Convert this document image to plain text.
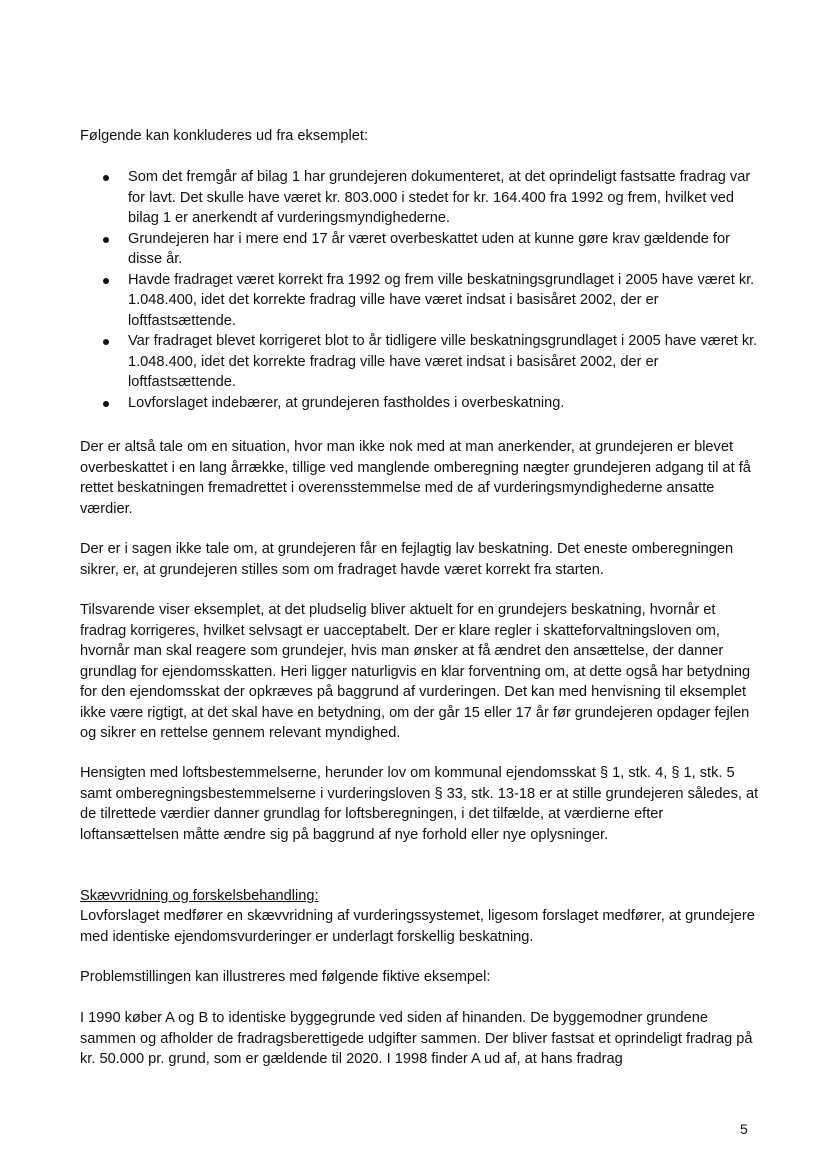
Følgende kan konkluderes ud fra eksemplet:

Som det fremgår af bilag 1 har grundejeren dokumenteret, at det oprindeligt fastsatte fradrag var for lavt. Det skulle have været kr. 803.000 i stedet for kr. 164.400 fra 1992 og frem, hvilket ved bilag 1 er anerkendt af vurderingsmyndighederne.
Grundejeren har i mere end 17 år været overbeskattet uden at kunne gøre krav gældende for disse år.
Havde fradraget været korrekt fra 1992 og frem ville beskatningsgrundlaget i 2005 have været kr. 1.048.400, idet det korrekte fradrag ville have været indsat i basisåret 2002, der er loftfastsættende.
Var fradraget blevet korrigeret blot to år tidligere ville beskatningsgrundlaget i 2005 have været kr. 1.048.400, idet det korrekte fradrag ville have været indsat i basisåret 2002, der er loftfastsættende.
Lovforslaget indebærer, at grundejeren fastholdes i overbeskatning.

Der er altså tale om en situation, hvor man ikke nok med at man anerkender, at grundejeren er blevet overbeskattet i en lang årrække, tillige ved manglende omberegning nægter grundejeren adgang til at få rettet beskatningen fremadrettet i overensstemmelse med de af vurderingsmyndighederne ansatte værdier.

Der er i sagen ikke tale om, at grundejeren får en fejlagtig lav beskatning. Det eneste omberegningen sikrer, er, at grundejeren stilles som om fradraget havde været korrekt fra starten.

Tilsvarende viser eksemplet, at det pludselig bliver aktuelt for en grundejers beskatning, hvornår et fradrag korrigeres, hvilket selvsagt er uacceptabelt. Der er klare regler i skatteforvaltningsloven om, hvornår man skal reagere som grundejer, hvis man ønsker at få ændret den ansættelse, der danner grundlag for ejendomsskatten. Heri ligger naturligvis en klar forventning om, at dette også har betydning for den ejendomsskat der opkræves på baggrund af vurderingen. Det kan med henvisning til eksemplet ikke være rigtigt, at det skal have en betydning, om der går 15 eller 17 år før grundejeren opdager fejlen og sikrer en rettelse gennem relevant myndighed.

Hensigten med loftsbestemmelserne, herunder lov om kommunal ejendomsskat § 1, stk. 4, § 1, stk. 5 samt omberegningsbestemmelserne i vurderingsloven § 33, stk. 13-18 er at stille grundejeren således, at de tilrettede værdier danner grundlag for loftsberegningen, i det tilfælde, at værdierne efter loftansættelsen måtte ændre sig på baggrund af nye forhold eller nye oplysninger.

Skævvridning og forskelsbehandling:

Lovforslaget medfører en skævvridning af vurderingssystemet, ligesom forslaget medfører, at grundejere med identiske ejendomsvurderinger er underlagt forskellig beskatning.

Problemstillingen kan illustreres med følgende fiktive eksempel:

I 1990 køber A og B to identiske byggegrunde ved siden af hinanden. De byggemodner grundene sammen og afholder de fradragsberettigede udgifter sammen. Der bliver fastsat et oprindeligt fradrag på kr. 50.000 pr. grund, som er gældende til 2020. I 1998 finder A ud af, at hans fradrag

5
